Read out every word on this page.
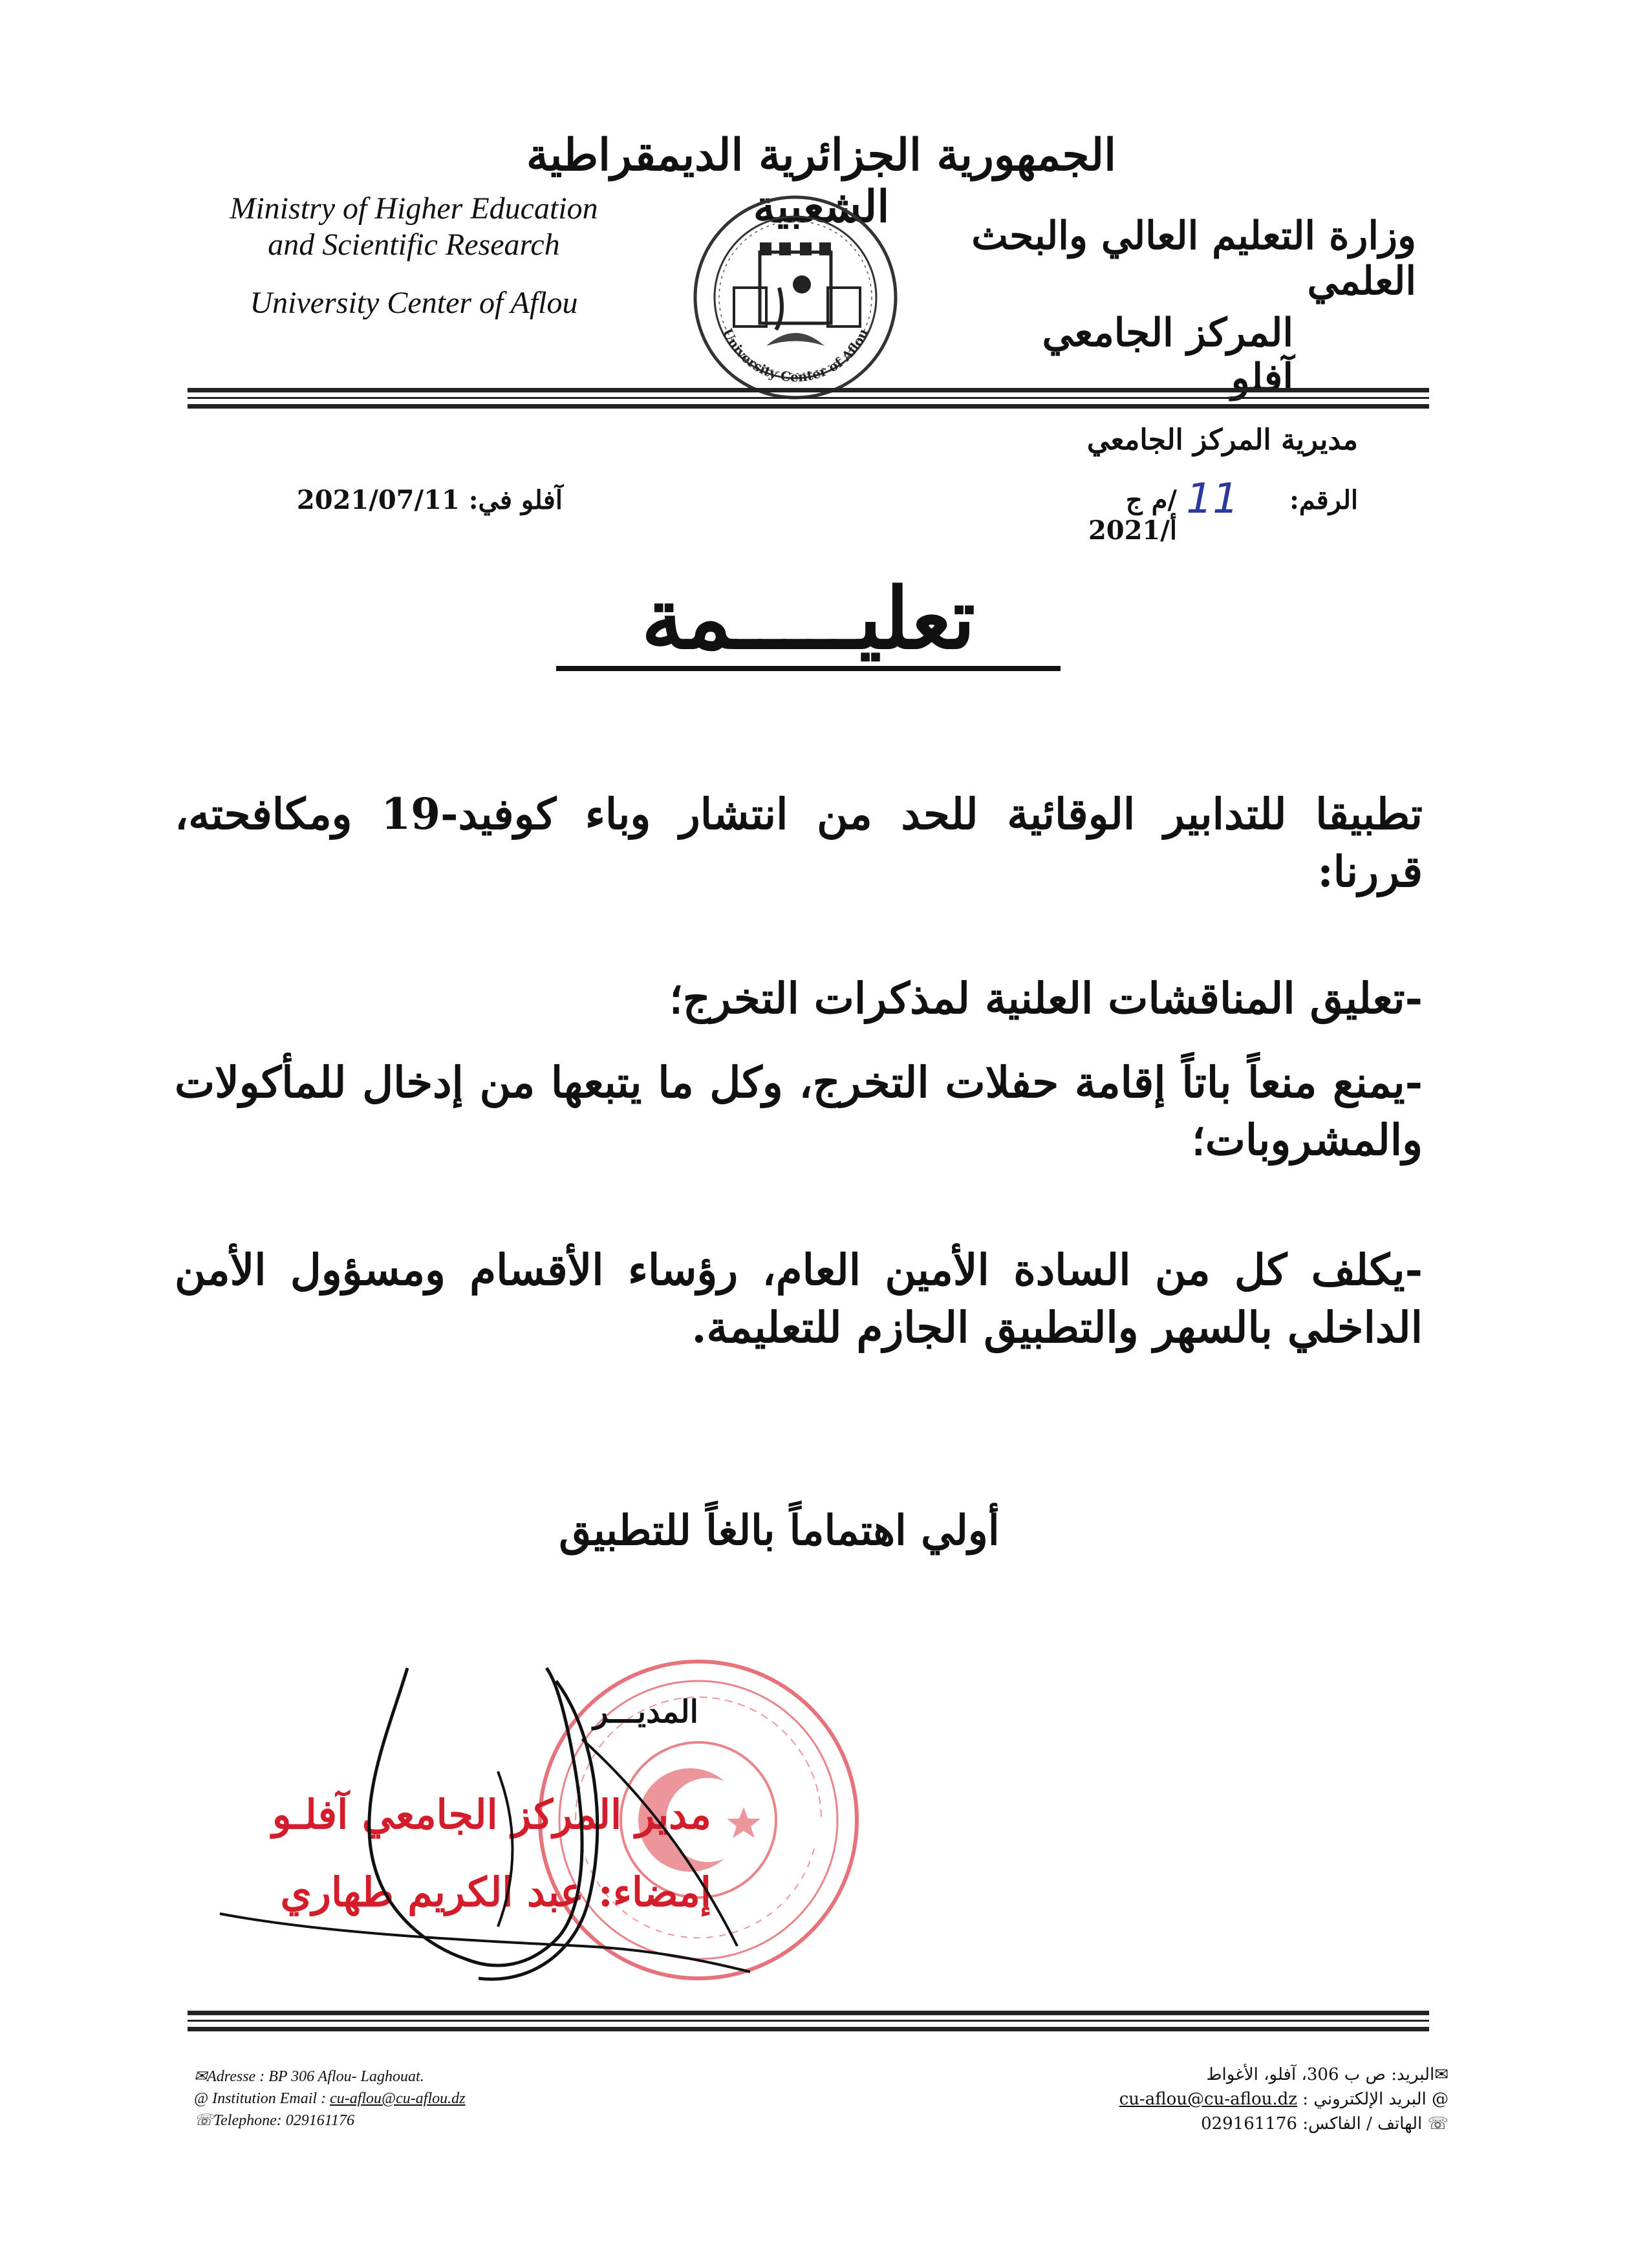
الجمهورية الجزائرية الديمقراطية الشعبية
Ministry of Higher Education
and Scientific Research
University Center of Aflou
University Center of Aflou
وزارة التعليم العالي والبحث العلمي
المركز الجامعي آفلو
مديرية المركز الجامعي
الرقم:
11
/م ج أ/2021
آفلو في: 2021/07/11
تعليـــــمة
تطبيقا للتدابير الوقائية للحد من انتشار وباء كوفيد-19 ومكافحته، قررنا:
-تعليق المناقشات العلنية لمذكرات التخرج؛
-يمنع منعاً باتاً إقامة حفلات التخرج، وكل ما يتبعها من إدخال للمأكولات والمشروبات؛
-يكلف كل من السادة الأمين العام، رؤساء الأقسام ومسؤول الأمن الداخلي بالسهر والتطبيق الجازم للتعليمة.
أولي اهتماماً بالغاً للتطبيق
المديـــر
مدير المركز الجامعي آفلـو
إمضاء: عبد الكريم طهاري
✉Adresse : BP 306 Aflou- Laghouat.
@ Institution Email : cu-aflou@cu-aflou.dz
☏Telephone: 029161176
✉البريد: ص ب 306، آفلو، الأغواط
@ البريد الإلكتروني : cu-aflou@cu-aflou.dz
☏ الهاتف / الفاكس: 029161176
